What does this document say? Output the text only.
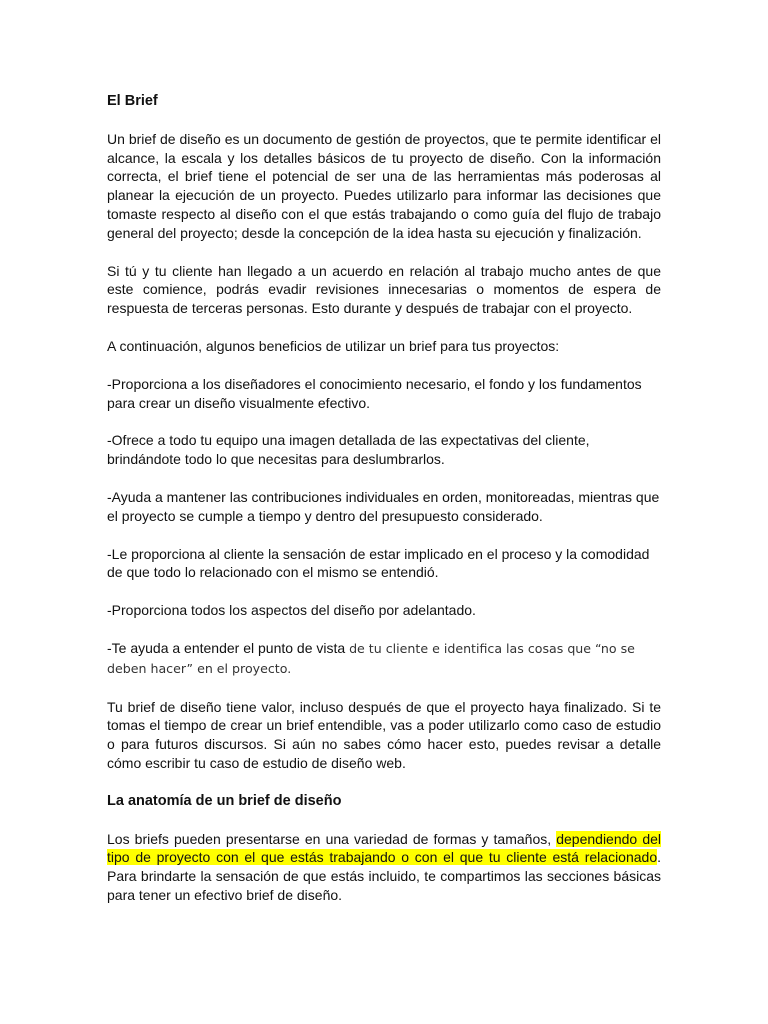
El Brief

Un brief de diseño es un documento de gestión de proyectos, que te permite identificar el alcance, la escala y los detalles básicos de tu proyecto de diseño. Con la información correcta, el brief tiene el potencial de ser una de las herramientas más poderosas al planear la ejecución de un proyecto. Puedes utilizarlo para informar las decisiones que tomaste respecto al diseño con el que estás trabajando o como guía del flujo de trabajo general del proyecto; desde la concepción de la idea hasta su ejecución y finalización.

Si tú y tu cliente han llegado a un acuerdo en relación al trabajo mucho antes de que este comience, podrás evadir revisiones innecesarias o momentos de espera de respuesta de terceras personas. Esto durante y después de trabajar con el proyecto.

A continuación, algunos beneficios de utilizar un brief para tus proyectos:

-Proporciona a los diseñadores el conocimiento necesario, el fondo y los fundamentos para crear un diseño visualmente efectivo.

-Ofrece a todo tu equipo una imagen detallada de las expectativas del cliente, brindándote todo lo que necesitas para deslumbrarlos.

-Ayuda a mantener las contribuciones individuales en orden, monitoreadas, mientras que el proyecto se cumple a tiempo y dentro del presupuesto considerado.

-Le proporciona al cliente la sensación de estar implicado en el proceso y la comodidad de que todo lo relacionado con el mismo se entendió.

-Proporciona todos los aspectos del diseño por adelantado.

-Te ayuda a entender el punto de vista de tu cliente e identifica las cosas que “no se deben hacer” en el proyecto.

Tu brief de diseño tiene valor, incluso después de que el proyecto haya finalizado. Si te tomas el tiempo de crear un brief entendible, vas a poder utilizarlo como caso de estudio o para futuros discursos. Si aún no sabes cómo hacer esto, puedes revisar a detalle cómo escribir tu caso de estudio de diseño web.

La anatomía de un brief de diseño

Los briefs pueden presentarse en una variedad de formas y tamaños, dependiendo del tipo de proyecto con el que estás trabajando o con el que tu cliente está relacionado. Para brindarte la sensación de que estás incluido, te compartimos las secciones básicas para tener un efectivo brief de diseño.
